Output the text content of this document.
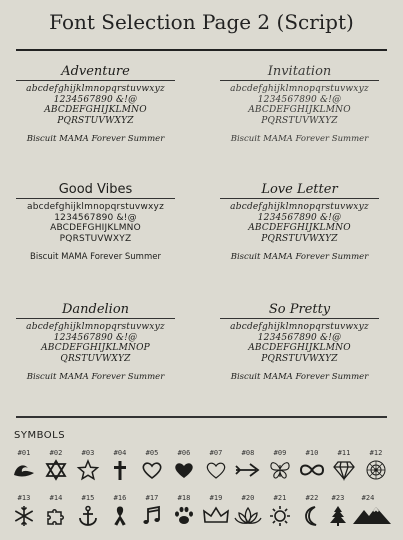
Font Selection Page 2 (Script)
Adventure
abcdefghijklmnopqrstuvwxyz
1234567890 &!@
ABCDEFGHIJKLMNO
PQRSTUVWXYZ
Biscuit MAMA Forever Summer
Invitation
abcdefghijklmnopqrstuvwxyz
1234567890 &!@
ABCDEFGHIJKLMNO
PQRSTUVWXYZ
Biscuit MAMA Forever Summer
Good Vibes
abcdefghijklmnopqrstuvwxyz
1234567890 &!@
ABCDEFGHIJKLMNO
PQRSTUVWXYZ
Biscuit MAMA Forever Summer
Love Letter
abcdefghijklmnopqrstuvwxyz
1234567890 &!@
ABCDEFGHIJKLMNO
PQRSTUVWXYZ
Biscuit MAMA Forever Summer
Dandelion
abcdefghijklmnopqrstuvwxyz
1234567890 &!@
ABCDEFGHIJKLMNOP
QRSTUVWXYZ
Biscuit MAMA Forever Summer
So Pretty
abcdefghijklmnopqrstuvwxyz
1234567890 &!@
ABCDEFGHIJKLMNO
PQRSTUVWXYZ
Biscuit MAMA Forever Summer
SYMBOLS
#01	#02	#03	#04	#05	#06	#07	#08	#09	#10	#11	#12
#13	#14	#15	#16	#17	#18	#19	#20	#21	#22	#23	#24
